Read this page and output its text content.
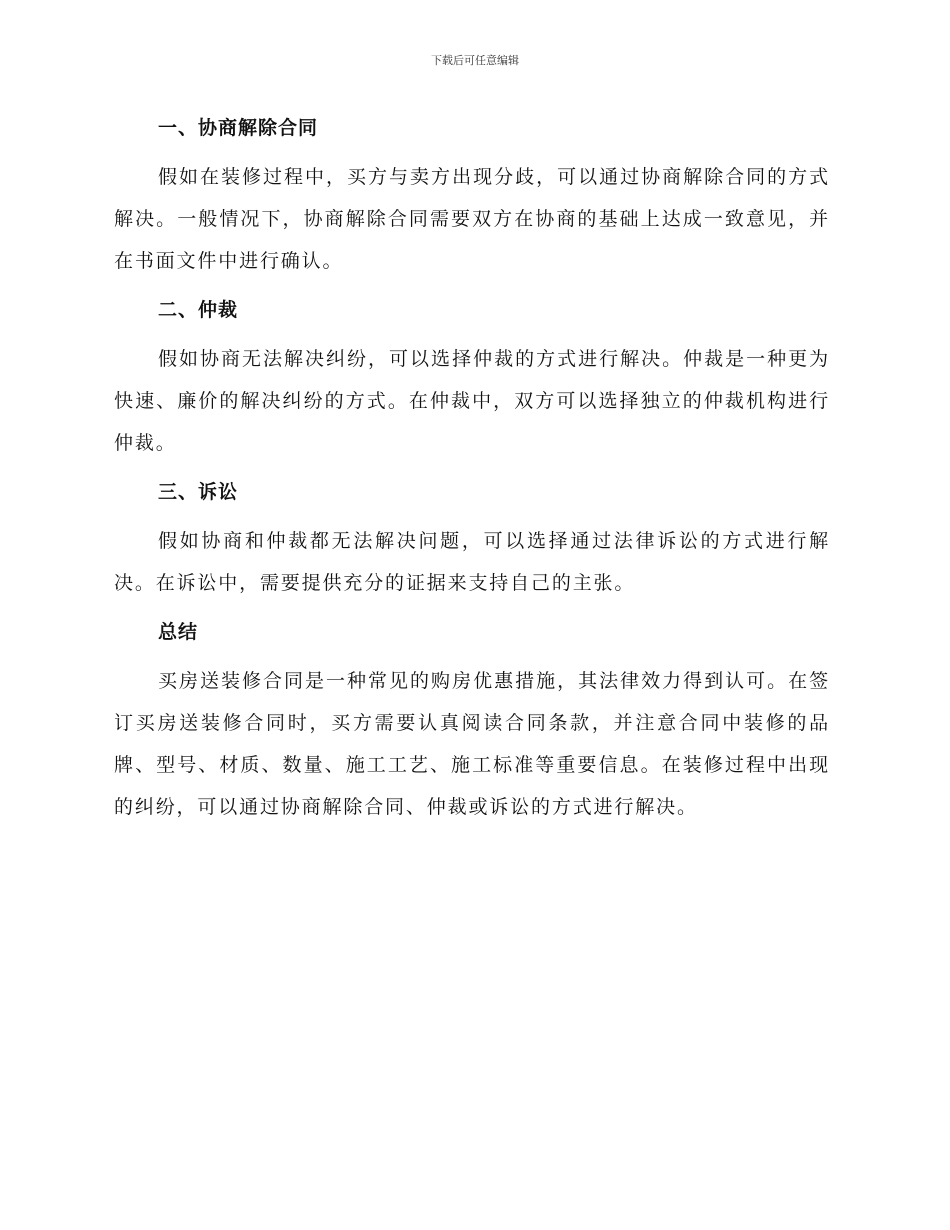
下载后可任意编辑
一、协商解除合同

假如在装修过程中，买方与卖方出现分歧，可以通过协商解除合同的方式解决。一般情况下，协商解除合同需要双方在协商的基础上达成一致意见，并在书面文件中进行确认。

二、仲裁

假如协商无法解决纠纷，可以选择仲裁的方式进行解决。仲裁是一种更为快速、廉价的解决纠纷的方式。在仲裁中，双方可以选择独立的仲裁机构进行仲裁。

三、诉讼

假如协商和仲裁都无法解决问题，可以选择通过法律诉讼的方式进行解决。在诉讼中，需要提供充分的证据来支持自己的主张。

总结

买房送装修合同是一种常见的购房优惠措施，其法律效力得到认可。在签订买房送装修合同时，买方需要认真阅读合同条款，并注意合同中装修的品牌、型号、材质、数量、施工工艺、施工标准等重要信息。在装修过程中出现的纠纷，可以通过协商解除合同、仲裁或诉讼的方式进行解决。
